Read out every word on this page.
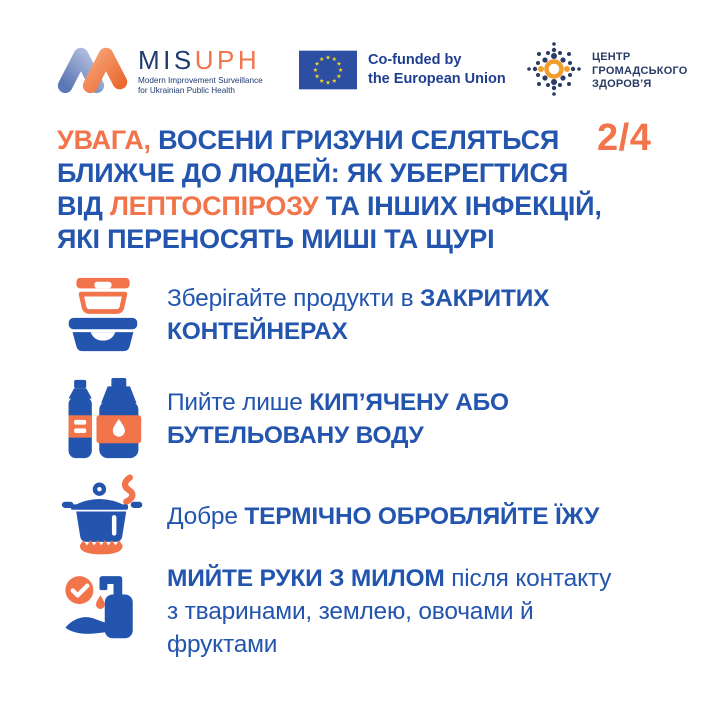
MISUPH
Modern Improvement Surveillance
for Ukrainian Public Health
Co-funded by
the European Union
ЦЕНТР
ГРОМАДСЬКОГО
ЗДОРОВ’Я
УВАГА, ВОСЕНИ ГРИЗУНИ СЕЛЯТЬСЯ
БЛИЖЧЕ ДО ЛЮДЕЙ: ЯК УБЕРЕГТИСЯ
ВІД ЛЕПТОСПІРОЗУ ТА ІНШИХ ІНФЕКЦІЙ,
ЯКІ ПЕРЕНОСЯТЬ МИШІ ТА ЩУРІ
2/4
Зберігайте продукти в ЗАКРИТИХ КОНТЕЙНЕРАХ
Пийте лише КИП’ЯЧЕНУ АБО БУТЕЛЬОВАНУ ВОДУ
Добре ТЕРМІЧНО ОБРОБЛЯЙТЕ ЇЖУ
МИЙТЕ РУКИ З МИЛОМ після контакту з тваринами, землею, овочами й фруктами
